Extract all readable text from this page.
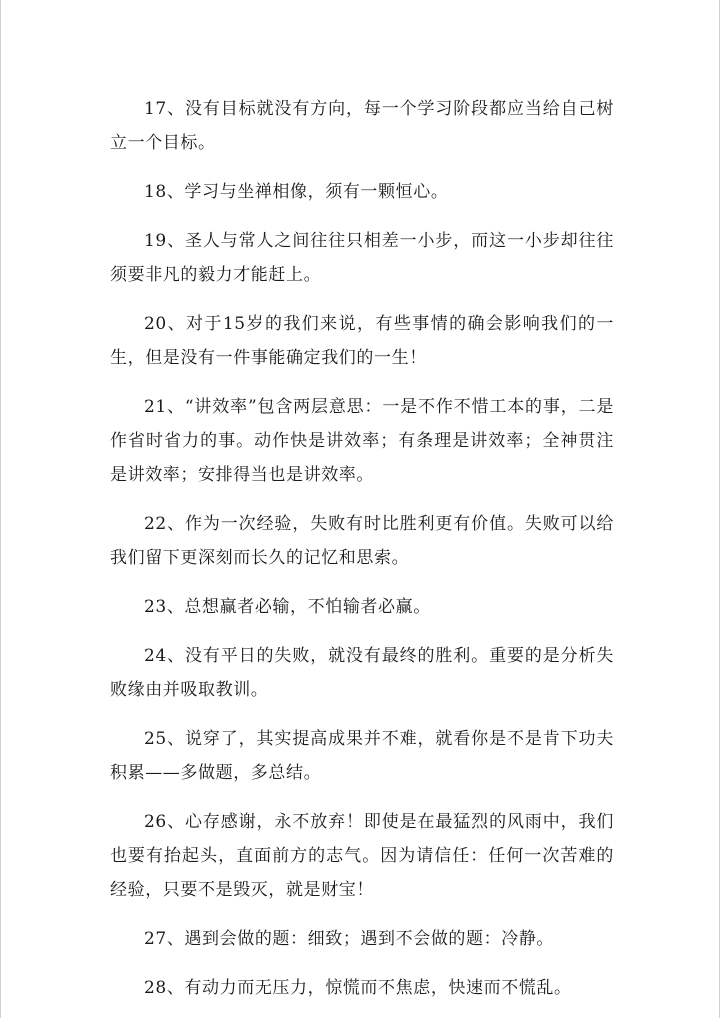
17、没有目标就没有方向，每一个学习阶段都应当给自己树立一个目标。

18、学习与坐禅相像，须有一颗恒心。

19、圣人与常人之间往往只相差一小步，而这一小步却往往须要非凡的毅力才能赶上。

20、对于15岁的我们来说，有些事情的确会影响我们的一生，但是没有一件事能确定我们的一生！

21、“讲效率”包含两层意思：一是不作不惜工本的事，二是作省时省力的事。动作快是讲效率；有条理是讲效率；全神贯注是讲效率；安排得当也是讲效率。

22、作为一次经验，失败有时比胜利更有价值。失败可以给我们留下更深刻而长久的记忆和思索。

23、总想赢者必输，不怕输者必赢。

24、没有平日的失败，就没有最终的胜利。重要的是分析失败缘由并吸取教训。

25、说穿了，其实提高成果并不难，就看你是不是肯下功夫积累——多做题，多总结。

26、心存感谢，永不放弃！即使是在最猛烈的风雨中，我们也要有抬起头，直面前方的志气。因为请信任：任何一次苦难的经验，只要不是毁灭，就是财宝！

27、遇到会做的题：细致；遇到不会做的题：冷静。

28、有动力而无压力，惊慌而不焦虑，快速而不慌乱。
